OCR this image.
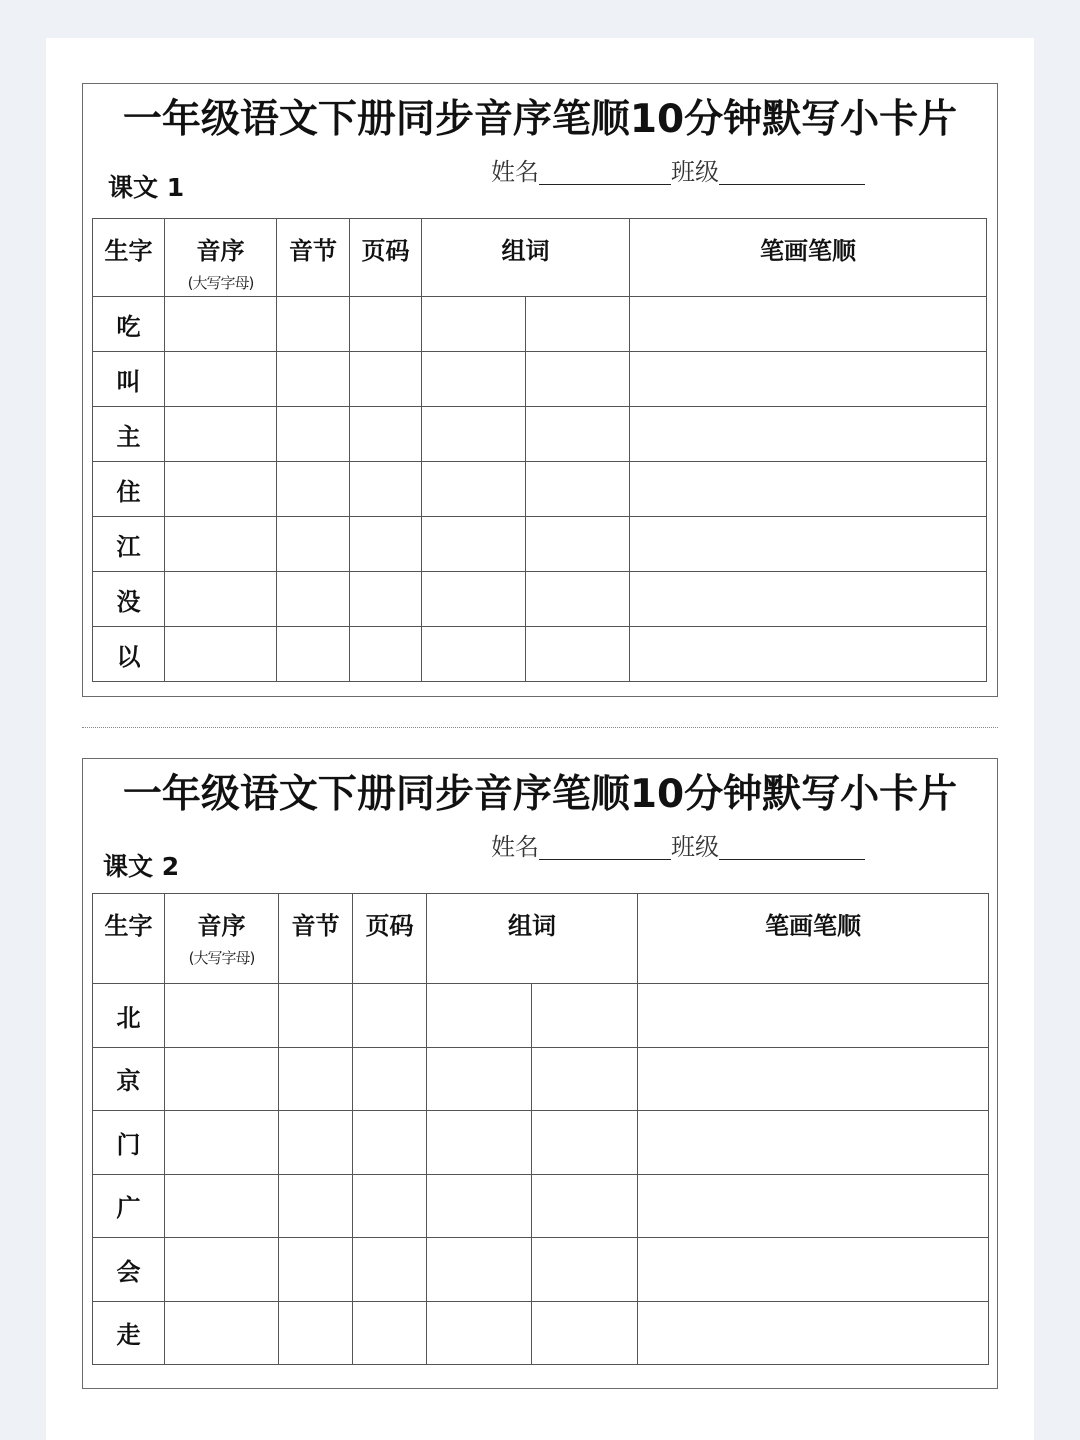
一年级语文下册同步音序笔顺10分钟默写小卡片
姓名	班级
课文 1
生字	音序
(大写字母)	音节	页码	组词		笔画笔顺
吃						
叫						
主						
住						
江						
没						
以						
一年级语文下册同步音序笔顺10分钟默写小卡片
姓名	班级
课文 2
生字	音序
(大写字母)	音节	页码	组词		笔画笔顺
北						
京						
门						
广						
会						
走						
